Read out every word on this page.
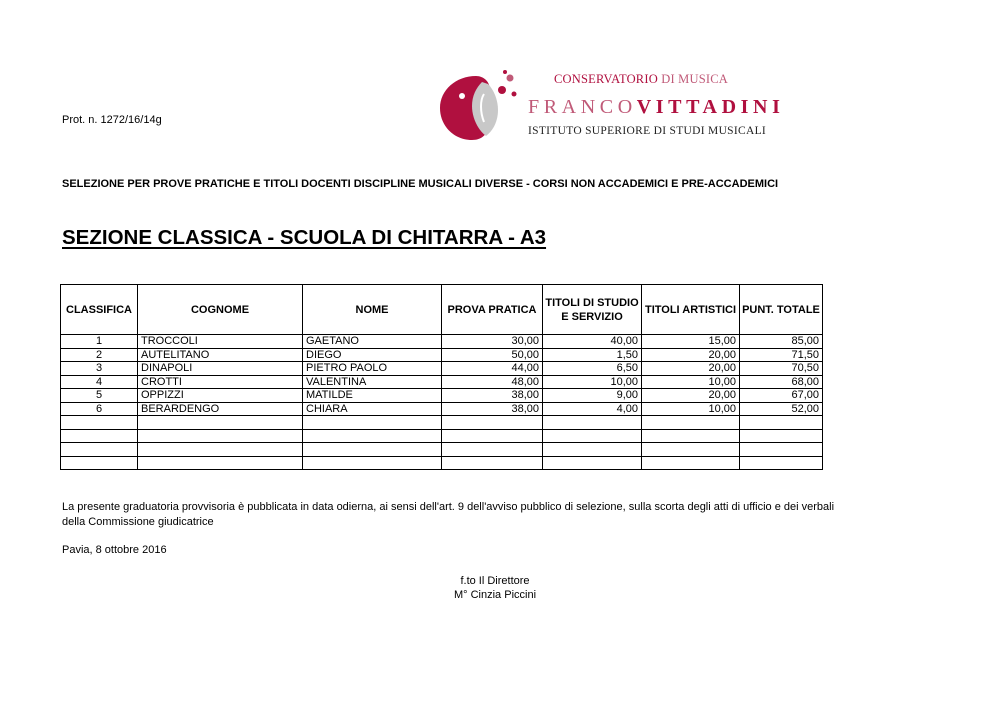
Prot. n. 1272/16/14g
CONSERVATORIO DI MUSICA
FRANCOVITTADINI
ISTITUTO SUPERIORE DI STUDI MUSICALI
SELEZIONE PER PROVE PRATICHE E TITOLI DOCENTI DISCIPLINE MUSICALI DIVERSE - CORSI NON ACCADEMICI E PRE-ACCADEMICI
SEZIONE CLASSICA - SCUOLA DI CHITARRA - A3
CLASSIFICA	COGNOME	NOME	PROVA PRATICA	TITOLI DI STUDIO E SERVIZIO	TITOLI ARTISTICI	PUNT. TOTALE
1	TROCCOLI	GAETANO	30,00	40,00	15,00	85,00
2	AUTELITANO	DIEGO	50,00	1,50	20,00	71,50
3	DINAPOLI	PIETRO PAOLO	44,00	6,50	20,00	70,50
4	CROTTI	VALENTINA	48,00	10,00	10,00	68,00
5	OPPIZZI	MATILDE	38,00	9,00	20,00	67,00
6	BERARDENGO	CHIARA	38,00	4,00	10,00	52,00

La presente graduatoria provvisoria è pubblicata in data odierna, ai sensi dell'art. 9 dell'avviso pubblico di selezione, sulla scorta degli atti di ufficio e dei verbali della Commissione giudicatrice
Pavia, 8 ottobre 2016
f.to Il Direttore
M° Cinzia Piccini
